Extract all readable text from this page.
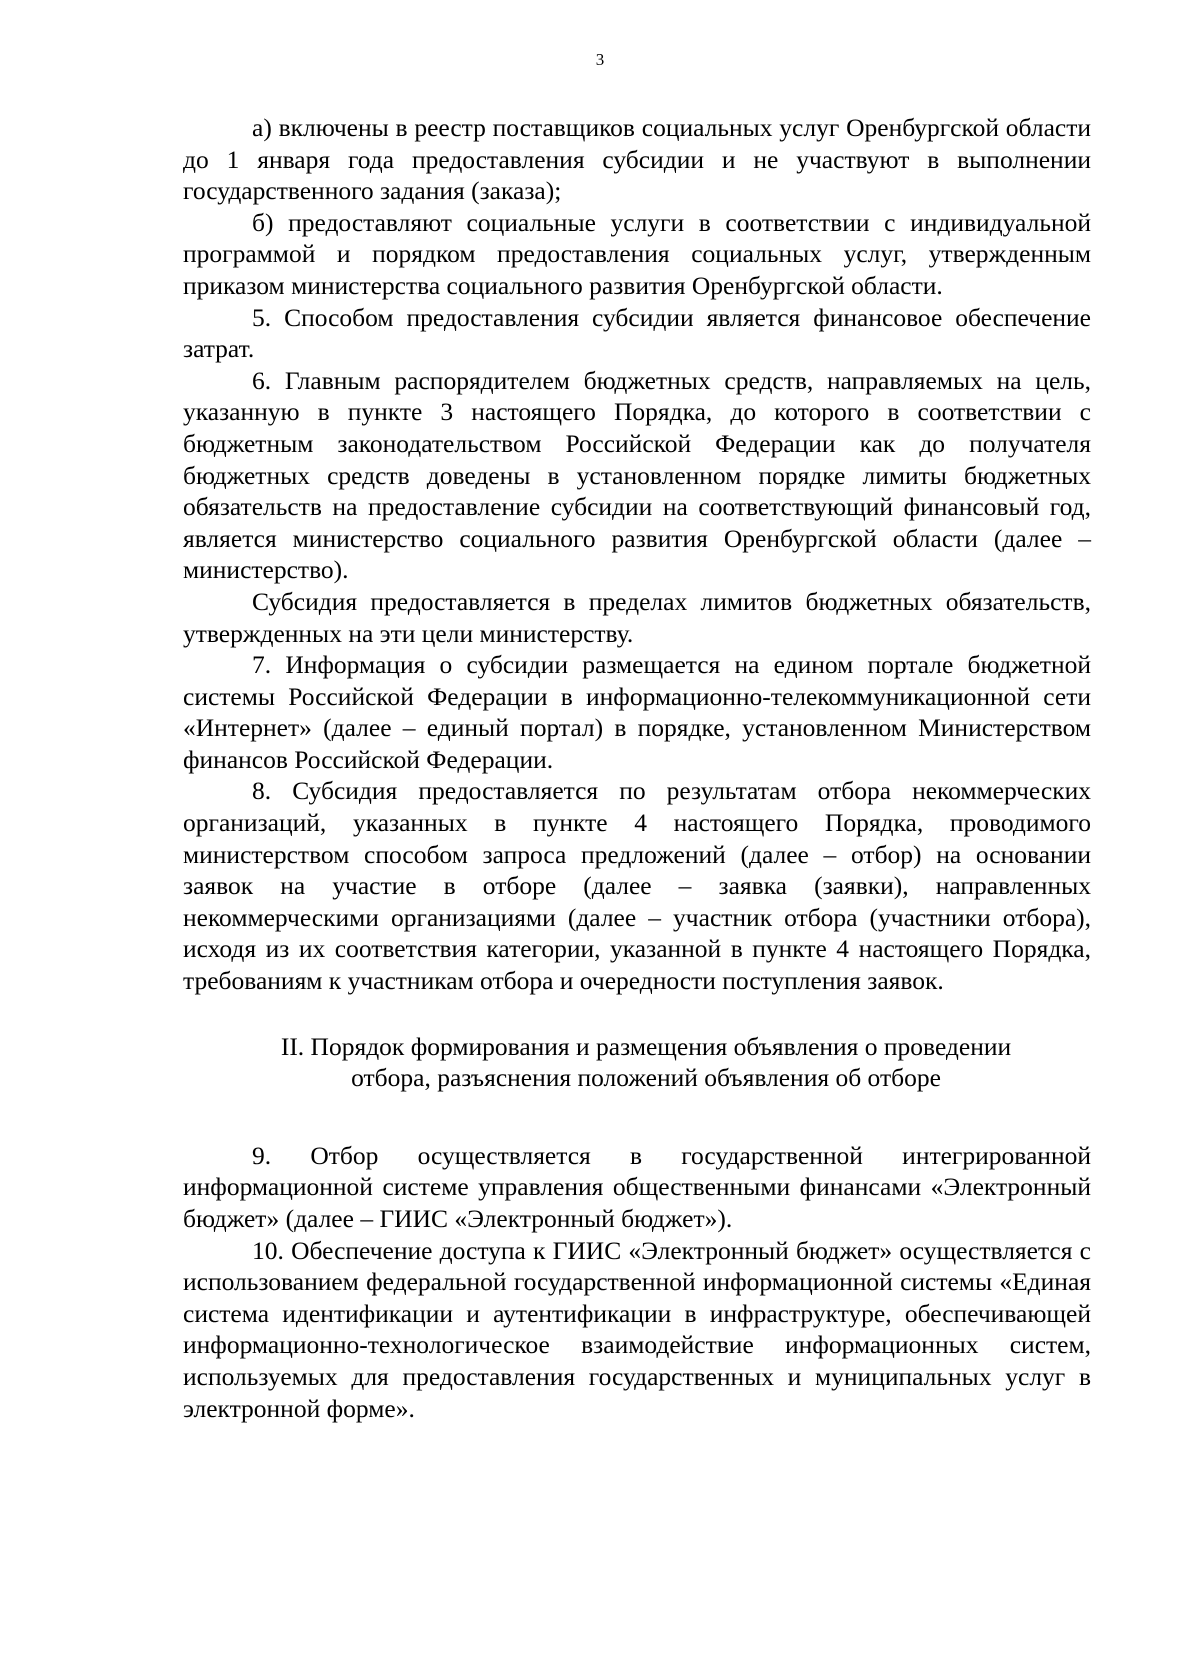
3

а) включены в реестр поставщиков социальных услуг Оренбургской области до 1 января года предоставления субсидии и не участвуют в выполнении государственного задания (заказа);

б) предоставляют социальные услуги в соответствии с индивидуальной программой и порядком предоставления социальных услуг, утвержденным приказом министерства социального развития Оренбургской области.

5. Способом предоставления субсидии является финансовое обеспечение затрат.

6. Главным распорядителем бюджетных средств, направляемых на цель, указанную в пункте 3 настоящего Порядка, до которого в соответствии с бюджетным законодательством Российской Федерации как до получателя бюджетных средств доведены в установленном порядке лимиты бюджетных обязательств на предоставление субсидии на соответствующий финансовый год, является министерство социального развития Оренбургской области (далее – министерство).

Субсидия предоставляется в пределах лимитов бюджетных обязательств, утвержденных на эти цели министерству.

7. Информация о субсидии размещается на едином портале бюджетной системы Российской Федерации в информационно-телекоммуникационной сети «Интернет» (далее – единый портал) в порядке, установленном Министерством финансов Российской Федерации.

8. Субсидия предоставляется по результатам отбора некоммерческих организаций, указанных в пункте 4 настоящего Порядка, проводимого министерством способом запроса предложений (далее – отбор) на основании заявок на участие в отборе (далее – заявка (заявки), направленных некоммерческими организациями (далее – участник отбора (участники отбора), исходя из их соответствия категории, указанной в пункте 4 настоящего Порядка, требованиям к участникам отбора и очередности поступления заявок.

II. Порядок формирования и размещения объявления о проведении
отбора, разъяснения положений объявления об отборе

9. Отбор осуществляется в государственной интегрированной информационной системе управления общественными финансами «Электронный бюджет» (далее – ГИИС «Электронный бюджет»).

10. Обеспечение доступа к ГИИС «Электронный бюджет» осуществляется с использованием федеральной государственной информационной системы «Единая система идентификации и аутентификации в инфраструктуре, обеспечивающей информационно-технологическое взаимодействие информационных систем, используемых для предоставления государственных и муниципальных услуг в электронной форме».
